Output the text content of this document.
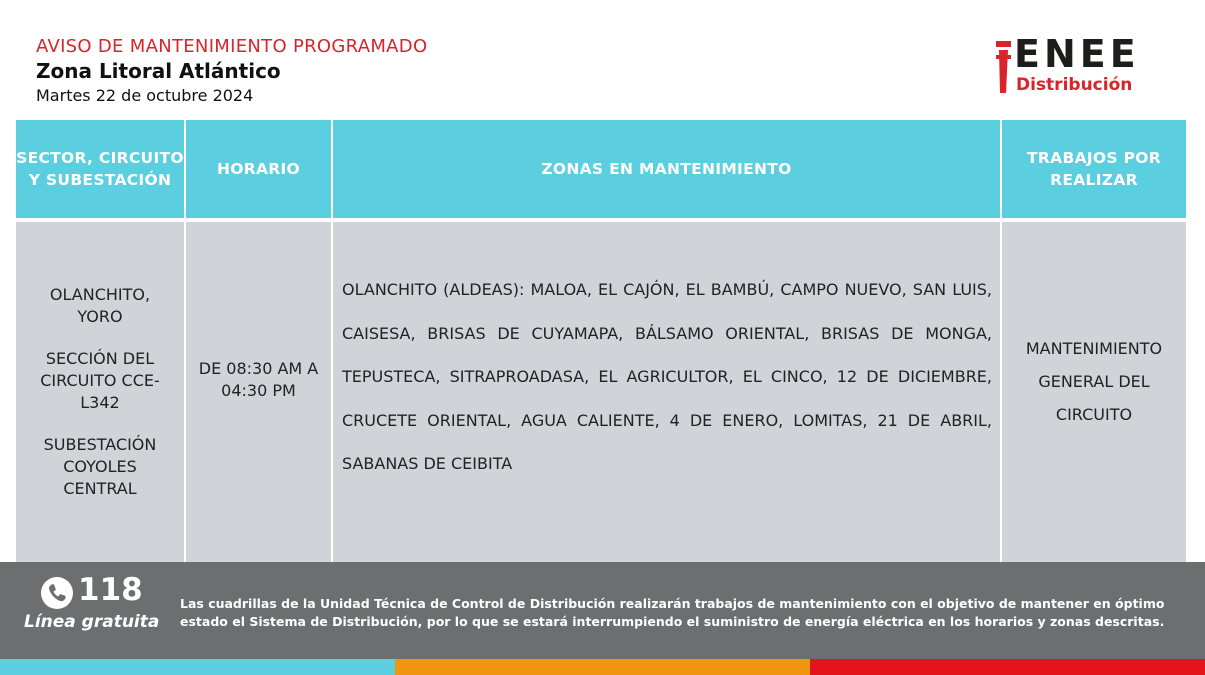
AVISO DE MANTENIMIENTO PROGRAMADO
Zona Litoral Atlántico
Martes 22 de octubre 2024
ENEE
Distribución
SECTOR, CIRCUITO Y SUBESTACIÓN
HORARIO	ZONAS EN MANTENIMIENTO
TRABAJOS POR REALIZAR
OLANCHITO, YORO
SECCIÓN DEL CIRCUITO CCE-L342
SUBESTACIÓN COYOLES CENTRAL
DE 08:30 AM A 04:30 PM
OLANCHITO (ALDEAS): MALOA, EL CAJÓN, EL BAMBÚ, CAMPO NUEVO, SAN LUIS, CAISESA, BRISAS DE CUYAMAPA, BÁLSAMO ORIENTAL, BRISAS DE MONGA, TEPUSTECA, SITRAPROADASA, EL AGRICULTOR, EL CINCO, 12 DE DICIEMBRE, CRUCETE ORIENTAL, AGUA CALIENTE, 4 DE ENERO, LOMITAS, 21 DE ABRIL, SABANAS DE CEIBITA
MANTENIMIENTO GENERAL DEL CIRCUITO
118
Línea gratuita
Las cuadrillas de la Unidad Técnica de Control de Distribución realizarán trabajos de mantenimiento con el objetivo de mantener en óptimo estado el Sistema de Distribución, por lo que se estará interrumpiendo el suministro de energía eléctrica en los horarios y zonas descritas.
